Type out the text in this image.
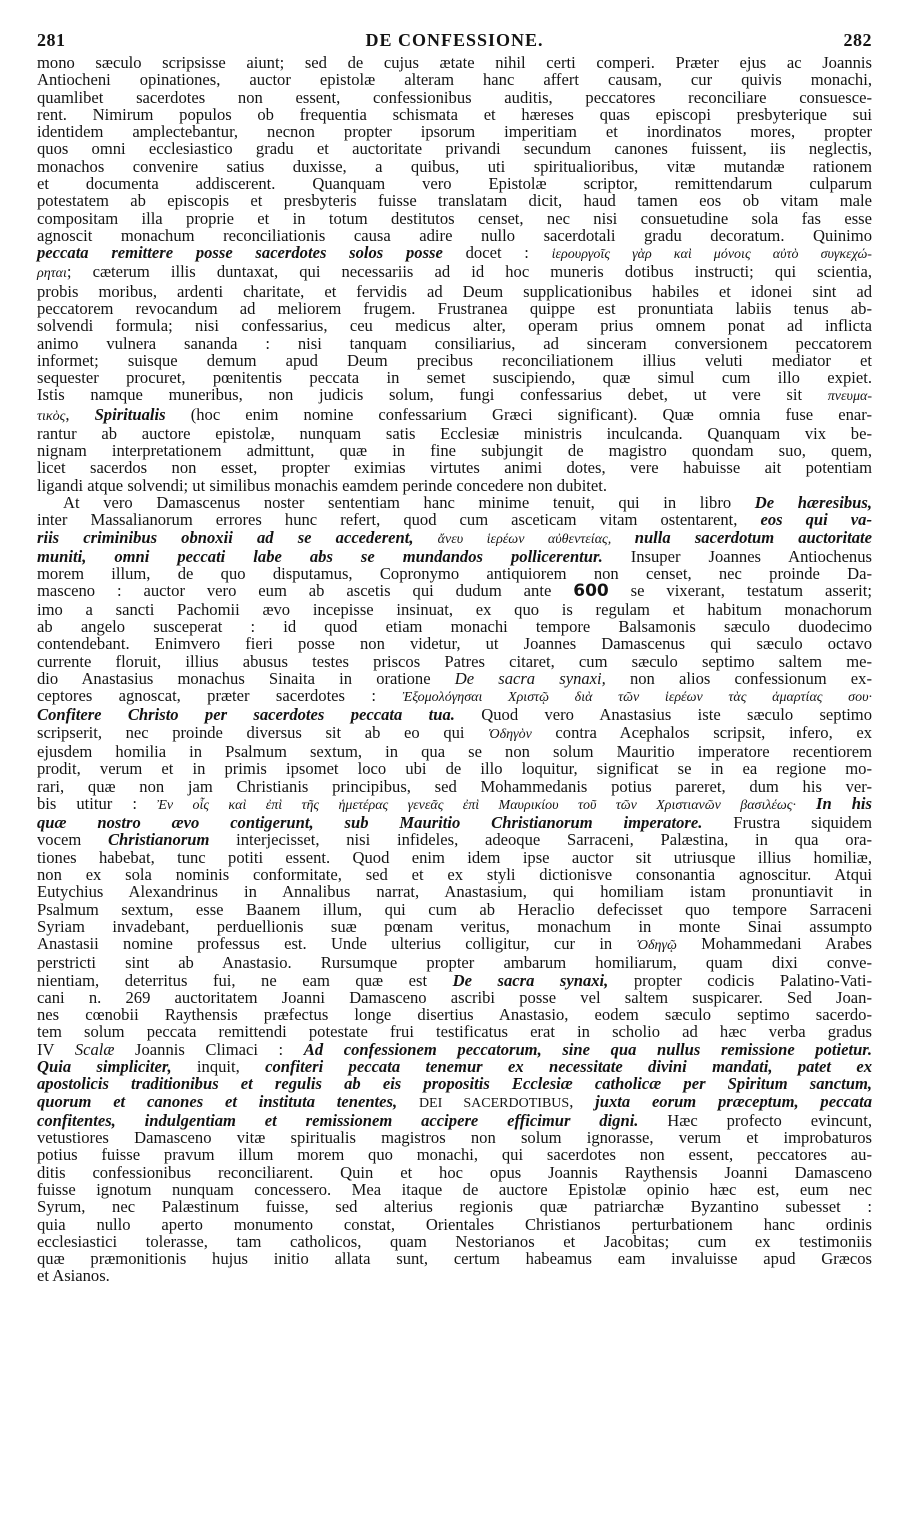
281	DE CONFESSIONE.	282
mono sæculo scripsisse aiunt; sed de cujus ætate nihil certi comperi. Præter ejus ac Joannis
Antiocheni opinationes, auctor epistolæ alteram hanc affert causam, cur quivis monachi,
quamlibet sacerdotes non essent, confessionibus auditis, peccatores reconciliare consuesce-
rent. Nimirum populos ob frequentia schismata et hæreses quas episcopi presbyterique sui
identidem amplectebantur, necnon propter ipsorum imperitiam et inordinatos mores, propter
quos omni ecclesiastico gradu et auctoritate privandi secundum canones fuissent, iis neglectis,
monachos convenire satius duxisse, a quibus, uti spiritualioribus, vitæ mutandæ rationem
et documenta addiscerent. Quanquam vero Epistolæ scriptor, remittendarum culparum
potestatem ab episcopis et presbyteris fuisse translatam dicit, haud tamen eos ob vitam male
compositam illa proprie et in totum destitutos censet, nec nisi consuetudine sola fas esse
agnoscit monachum reconciliationis causa adire nullo sacerdotali gradu decoratum. Quinimo
peccata remittere posse sacerdotes solos posse docet : ἱερουργοῖς γὰρ καὶ μόνοις αὐτὸ συγκεχώ-
ρηται; cæterum illis duntaxat, qui necessariis ad id hoc muneris dotibus instructi; qui scientia,
probis moribus, ardenti charitate, et fervidis ad Deum supplicationibus habiles et idonei sint ad
peccatorem revocandum ad meliorem frugem. Frustranea quippe est pronuntiata labiis tenus ab-
solvendi formula; nisi confessarius, ceu medicus alter, operam prius omnem ponat ad inflicta
animo vulnera sananda : nisi tanquam consiliarius, ad sinceram conversionem peccatorem
informet; suisque demum apud Deum precibus reconciliationem illius veluti mediator et
sequester procuret, pœnitentis peccata in semet suscipiendo, quæ simul cum illo expiet.
Istis namque muneribus, non judicis solum, fungi confessarius debet, ut vere sit πνευμα-
τικὸς, Spiritualis (hoc enim nomine confessarium Græci significant). Quæ omnia fuse enar-
rantur ab auctore epistolæ, nunquam satis Ecclesiæ ministris inculcanda. Quanquam vix be-
nignam interpretationem admittunt, quæ in fine subjungit de magistro quondam suo, quem,
licet sacerdos non esset, propter eximias virtutes animi dotes, vere habuisse ait potentiam
ligandi atque solvendi; ut similibus monachis eamdem perinde concedere non dubitet.
At vero Damascenus noster sententiam hanc minime tenuit, qui in libro De hæresibus,
inter Massalianorum errores hunc refert, quod cum asceticam vitam ostentarent, eos qui va-
riis criminibus obnoxii ad se accederent, ἄνευ ἱερέων αὐθεντείας, nulla sacerdotum auctoritate
muniti, omni peccati labe abs se mundandos pollicerentur. Insuper Joannes Antiochenus
morem illum, de quo disputamus, Copronymo antiquiorem non censet, nec proinde Da-
masceno : auctor vero eum ab ascetis qui dudum ante 600 se vixerant, testatum asserit;
imo a sancti Pachomii ævo incepisse insinuat, ex quo is regulam et habitum monachorum
ab angelo susceperat : id quod etiam monachi tempore Balsamonis sæculo duodecimo
contendebant. Enimvero fieri posse non videtur, ut Joannes Damascenus qui sæculo octavo
currente floruit, illius abusus testes priscos Patres citaret, cum sæculo septimo saltem me-
dio Anastasius monachus Sinaita in oratione De sacra synaxi, non alios confessionum ex-
ceptores agnoscat, præter sacerdotes : Ἐξομολόγησαι Χριστῷ διὰ τῶν ἱερέων τὰς ἁμαρτίας σου·
Confitere Christo per sacerdotes peccata tua. Quod vero Anastasius iste sæculo septimo
scripserit, nec proinde diversus sit ab eo qui Ὁδηγὸν contra Acephalos scripsit, infero, ex
ejusdem homilia in Psalmum sextum, in qua se non solum Mauritio imperatore recentiorem
prodit, verum et in primis ipsomet loco ubi de illo loquitur, significat se in ea regione mo-
rari, quæ non jam Christianis principibus, sed Mohammedanis potius pareret, dum his ver-
bis utitur : Ἐν οἷς καὶ ἐπὶ τῆς ἡμετέρας γενεᾶς ἐπὶ Μαυρικίου τοῦ τῶν Χριστιανῶν βασιλέως· In his
quæ nostro ævo contigerunt, sub Mauritio Christianorum imperatore. Frustra siquidem
vocem Christianorum interjecisset, nisi infideles, adeoque Sarraceni, Palæstina, in qua ora-
tiones habebat, tunc potiti essent. Quod enim idem ipse auctor sit utriusque illius homiliæ,
non ex sola nominis conformitate, sed et ex styli dictionisve consonantia agnoscitur. Atqui
Eutychius Alexandrinus in Annalibus narrat, Anastasium, qui homiliam istam pronuntiavit in
Psalmum sextum, esse Baanem illum, qui cum ab Heraclio defecisset quo tempore Sarraceni
Syriam invadebant, perduellionis suæ pœnam veritus, monachum in monte Sinai assumpto
Anastasii nomine professus est. Unde ulterius colligitur, cur in Ὁδηγῷ Mohammedani Arabes
perstricti sint ab Anastasio. Rursumque propter ambarum homiliarum, quam dixi conve-
nientiam, deterritus fui, ne eam quæ est De sacra synaxi, propter codicis Palatino-Vati-
cani n. 269 auctoritatem Joanni Damasceno ascribi posse vel saltem suspicarer. Sed Joan-
nes cœnobii Raythensis præfectus longe disertius Anastasio, eodem sæculo septimo sacerdo-
tem solum peccata remittendi potestate frui testificatus erat in scholio ad hæc verba gradus
IV Scalæ Joannis Climaci : Ad confessionem peccatorum, sine qua nullus remissione potietur.
Quia simpliciter, inquit, confiteri peccata tenemur ex necessitate divini mandati, patet ex
apostolicis traditionibus et regulis ab eis propositis Ecclesiæ catholicæ per Spiritum sanctum,
quorum et canones et instituta tenentes, DEI SACERDOTIBUS, juxta eorum præceptum, peccata
confitentes, indulgentiam et remissionem accipere efficimur digni. Hæc profecto evincunt,
vetustiores Damasceno vitæ spiritualis magistros non solum ignorasse, verum et improbaturos
potius fuisse pravum illum morem quo monachi, qui sacerdotes non essent, peccatores au-
ditis confessionibus reconciliarent. Quin et hoc opus Joannis Raythensis Joanni Damasceno
fuisse ignotum nunquam concessero. Mea itaque de auctore Epistolæ opinio hæc est, eum nec
Syrum, nec Palæstinum fuisse, sed alterius regionis quæ patriarchæ Byzantino subesset :
quia nullo aperto monumento constat, Orientales Christianos perturbationem hanc ordinis
ecclesiastici tolerasse, tam catholicos, quam Nestorianos et Jacobitas; cum ex testimoniis
quæ præmonitionis hujus initio allata sunt, certum habeamus eam invaluisse apud Græcos
et Asianos.
